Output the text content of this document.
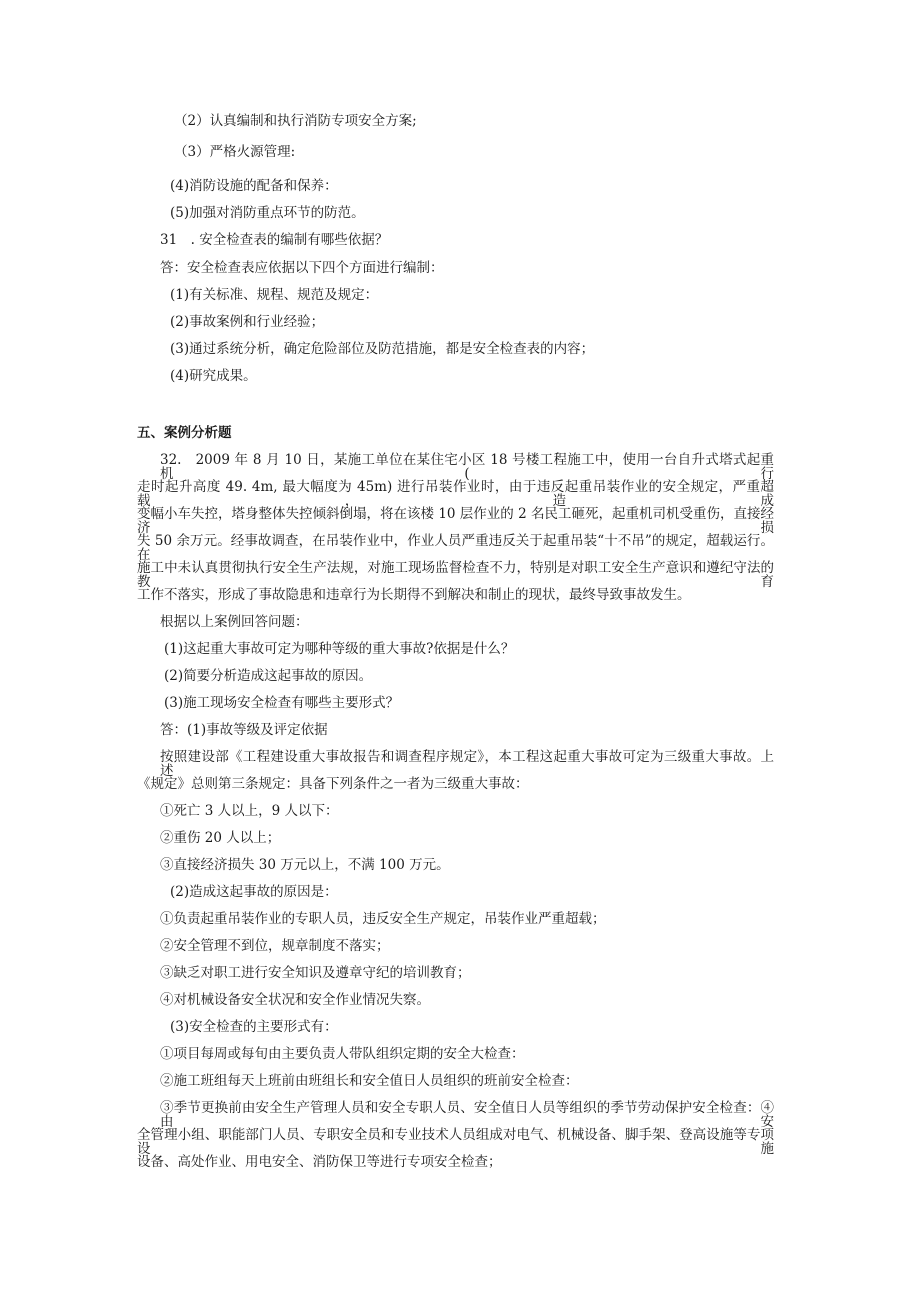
（2）认真编制和执行消防专项安全方案;
（3）严格火源管理:
(4)消防设施的配备和保养：
(5)加强对消防重点环节的防范。
31　. 安全检查表的编制有哪些依据？
答：安全检查表应依据以下四个方面进行编制：
(1)有关标准、规程、规范及规定：
(2)事故案例和行业经验；
(3)通过系统分析，确定危险部位及防范措施，都是安全检查表的内容；
(4)研究成果。
五、案例分析题
32.　2009 年 8 月 10 日，某施工单位在某住宅小区 18 号楼工程施工中，使用一台自升式塔式起重机(行
走时起升高度 49. 4m, 最大幅度为 45m) 进行吊装作业时，由于违反起重吊装作业的安全规定，严重超载，造成
变幅小车失控，塔身整体失控倾斜倒塌，将在该楼 10 层作业的 2 名民工砸死，起重机司机受重伤，直接经济损
失 50 余万元。经事故调查，在吊装作业中，作业人员严重违反关于起重吊装“十不吊”的规定，超载运行。在
施工中未认真贯彻执行安全生产法规，对施工现场监督检查不力，特别是对职工安全生产意识和遵纪守法的教育
工作不落实，形成了事故隐患和违章行为长期得不到解决和制止的现状，最终导致事故发生。
根据以上案例回答问题：
(1)这起重大事故可定为哪种等级的重大事故?依据是什么？
(2)简要分析造成这起事故的原因。
(3)施工现场安全检查有哪些主要形式？
答：(1)事故等级及评定依据
按照建设部《工程建设重大事故报告和调查程序规定》，本工程这起重大事故可定为三级重大事故。上述
《规定》总则第三条规定：具备下列条件之一者为三级重大事故：
①死亡 3 人以上，9 人以下：
②重伤 20 人以上；
③直接经济损失 30 万元以上，不满 100 万元。
(2)造成这起事故的原因是：
①负责起重吊装作业的专职人员，违反安全生产规定，吊装作业严重超载；
②安全管理不到位，规章制度不落实；
③缺乏对职工进行安全知识及遵章守纪的培训教育；
④对机械设备安全状况和安全作业情况失察。
(3)安全检查的主要形式有：
①项目每周或每旬由主要负责人带队组织定期的安全大检查：
②施工班组每天上班前由班组长和安全值日人员组织的班前安全检查：
③季节更换前由安全生产管理人员和安全专职人员、安全值日人员等组织的季节劳动保护安全检查：④由安
全管理小组、职能部门人员、专职安全员和专业技术人员组成对电气、机械设备、脚手架、登高设施等专项设施
设备、高处作业、用电安全、消防保卫等进行专项安全检查；
